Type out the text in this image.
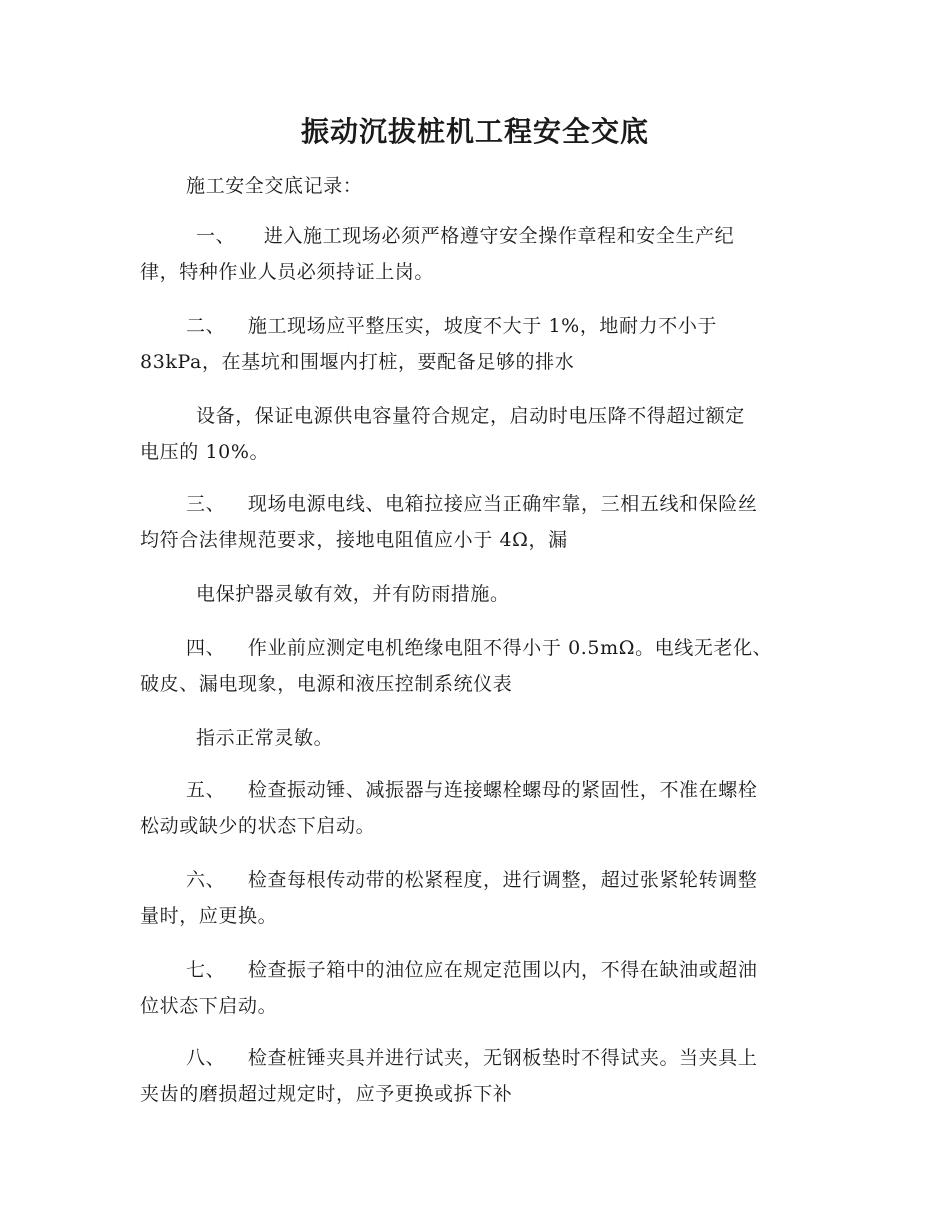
振动沉拔桩机工程安全交底
施工安全交底记录：
一、 进入施工现场必须严格遵守安全操作章程和安全生产纪
律，特种作业人员必须持证上岗。
二、 施工现场应平整压实，坡度不大于 1%，地耐力不小于
83kPa，在基坑和围堰内打桩，要配备足够的排水
设备，保证电源供电容量符合规定，启动时电压降不得超过额定
电压的 10%。
三、 现场电源电线、电箱拉接应当正确牢靠，三相五线和保险丝
均符合法律规范要求，接地电阻值应小于 4Ω，漏
电保护器灵敏有效，并有防雨措施。
四、 作业前应测定电机绝缘电阻不得小于 0.5mΩ。电线无老化、
破皮、漏电现象，电源和液压控制系统仪表
指示正常灵敏。
五、 检查振动锤、减振器与连接螺栓螺母的紧固性，不准在螺栓
松动或缺少的状态下启动。
六、 检查每根传动带的松紧程度，进行调整，超过张紧轮转调整
量时，应更换。
七、 检查振子箱中的油位应在规定范围以内，不得在缺油或超油
位状态下启动。
八、 检查桩锤夹具并进行试夹，无钢板垫时不得试夹。当夹具上
夹齿的磨损超过规定时，应予更换或拆下补
